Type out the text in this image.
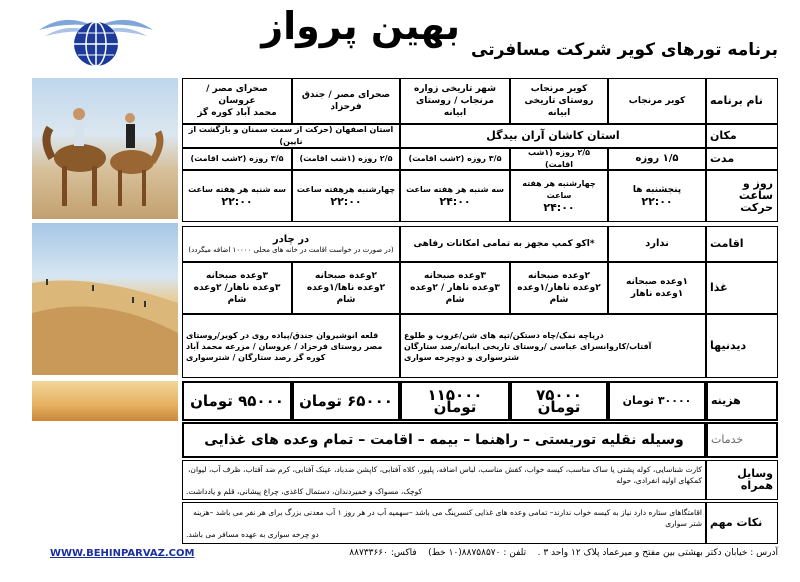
بهین پرواز
برنامه تورهای کویر شرکت مسافرتی
نام برنامه
کویر مرنجاب
کویر مرنجاب
روستای تاریخی ابیانه
شهر تاریخی زواره
مرنجاب / روستای ابیانه
صحرای مصر / جندق
فرحزاد
صحرای مصر / عروسان
محمد آباد کوره گز
مکان
استان کاشان آران بیدگل
استان اصفهان (حرکت از سمت سمنان و بازگشت از نایین)
مدت
۱/۵ روزه
۲/۵ روزه (۱شب اقامت)
۳/۵ روزه (۲شب اقامت)
۲/۵ روزه (۱شب اقامت)
۳/۵ روزه (۲شب اقامت)
روز و ساعت حرکت
پنجشنبه ها
۲۲:۰۰
چهارشنبه هر هفته ساعت
۲۴:۰۰
سه شنبه هر هفته ساعت
۲۴:۰۰
چهارشنبه هرهفته ساعت
۲۲:۰۰
سه شنبه هر هفته ساعت
۲۲:۰۰
اقامت
ندارد
*اکو کمپ مجهز به تمامی امکانات رفاهی
در چادر
(در صورت در خواست اقامت در خانه های محلی ۱۰۰۰۰ اضافه میگردد)
غذا
۱وعده صبحانه
۱وعده ناهار
۲وعده صبحانه
۲وعده ناهار/۱وعده شام
۳وعده صبحانه
۳وعده ناهار / ۲وعده
شام
۲وعده صبحانه
۲وعده ناها/۱وعده شام
۳وعده صبحانه
۳وعده ناهار/ ۲وعده شام
دیدنیها
دریاچه نمک/چاه دستکن/تپه های شن/غروب و طلوع
آفتاب/کاروانسرای عباسی /روستای تاریخی ابیانه/رصد ستارگان
شترسواری و دوچرخه سواری
قلعه انوشیروان جندق/پیاده روی در کویر/روستای
مصر روستای فرحزاد / عروسان / مزرعه محمد آباد
کوره گز رصد ستارگان / شترسواری
هزینه
۳۰۰۰۰ تومان
۷۵۰۰۰ تومان
۱۱۵۰۰۰ تومان
۶۵۰۰۰ تومان
۹۵۰۰۰ تومان
خدمات
وسیله نقلیه توریستی – راهنما – بیمه – اقامت – تمام وعده های غذایی
وسایل همراه
کارت شناسایی، کوله پشتی یا ساک مناسب، کیسه خواب، کفش مناسب، لباس اضافه، پلیور، کلاه آفتابی، کاپشن ضدباد، عینک آفتابی، کرم ضد آفتاب، ظرف آب، لیوان، کمکهای اولیه انفرادی، حوله
کوچک، مسواک و خمیردندان، دستمال کاغذی، چراغ پیشانی، قلم و یادداشت.
نکات مهم
اقامتگاهای ستاره دارد نیاز به کیسه خواب ندارند– تمامی وعده های غذایی کنسرینگ می باشد –سهمیه آب در هر روز ۱ آب معدنی بزرگ برای هر نفر می باشد –هزینه شتر سواری
دو چرخه سواری به عهده مسافر می باشد.
WWW.BEHINPARVAZ.COM	آدرس : خیابان دکتر بهشتی بین مفتح و میرعماد پلاک ۱۲ واحد ۳ .    تلفن : ۸۸۷۵۸۵۷۰(۱۰ خط)    فاکس: ۸۸۷۳۳۶۶۰
